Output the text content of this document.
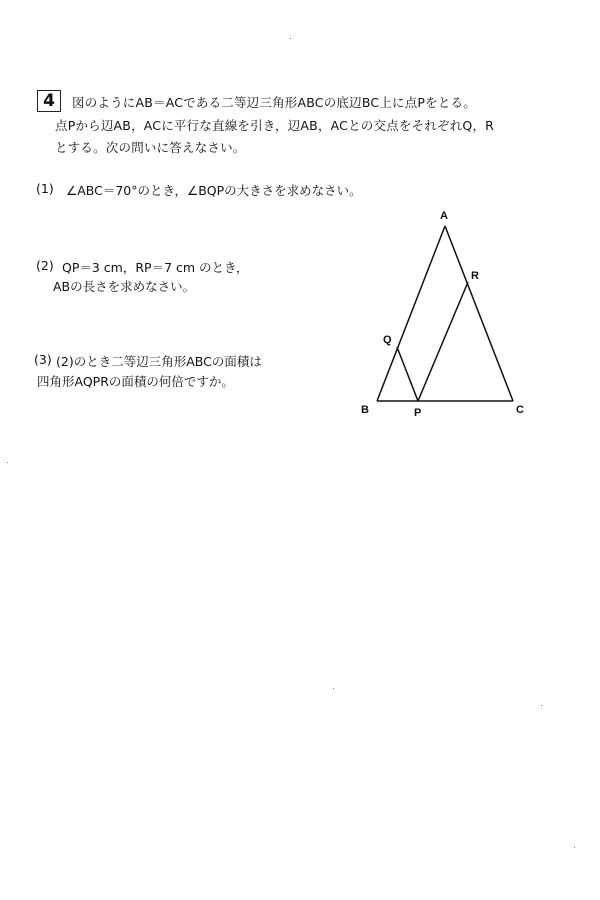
4	図のようにAB＝ACである二等辺三角形ABCの底辺BC上に点Pをとる。
点Pから辺AB，ACに平行な直線を引き，辺AB，ACとの交点をそれぞれQ，R
とする。次の問いに答えなさい。
(1) ∠ABC＝70°のとき，∠BQPの大きさを求めなさい。
(2) QP＝3 cm，RP＝7 cm のとき，
ABの長さを求めなさい。
(3) (2)のとき二等辺三角形ABCの面積は
四角形AQPRの面積の何倍ですか。
A
B	C
P
Q
R
